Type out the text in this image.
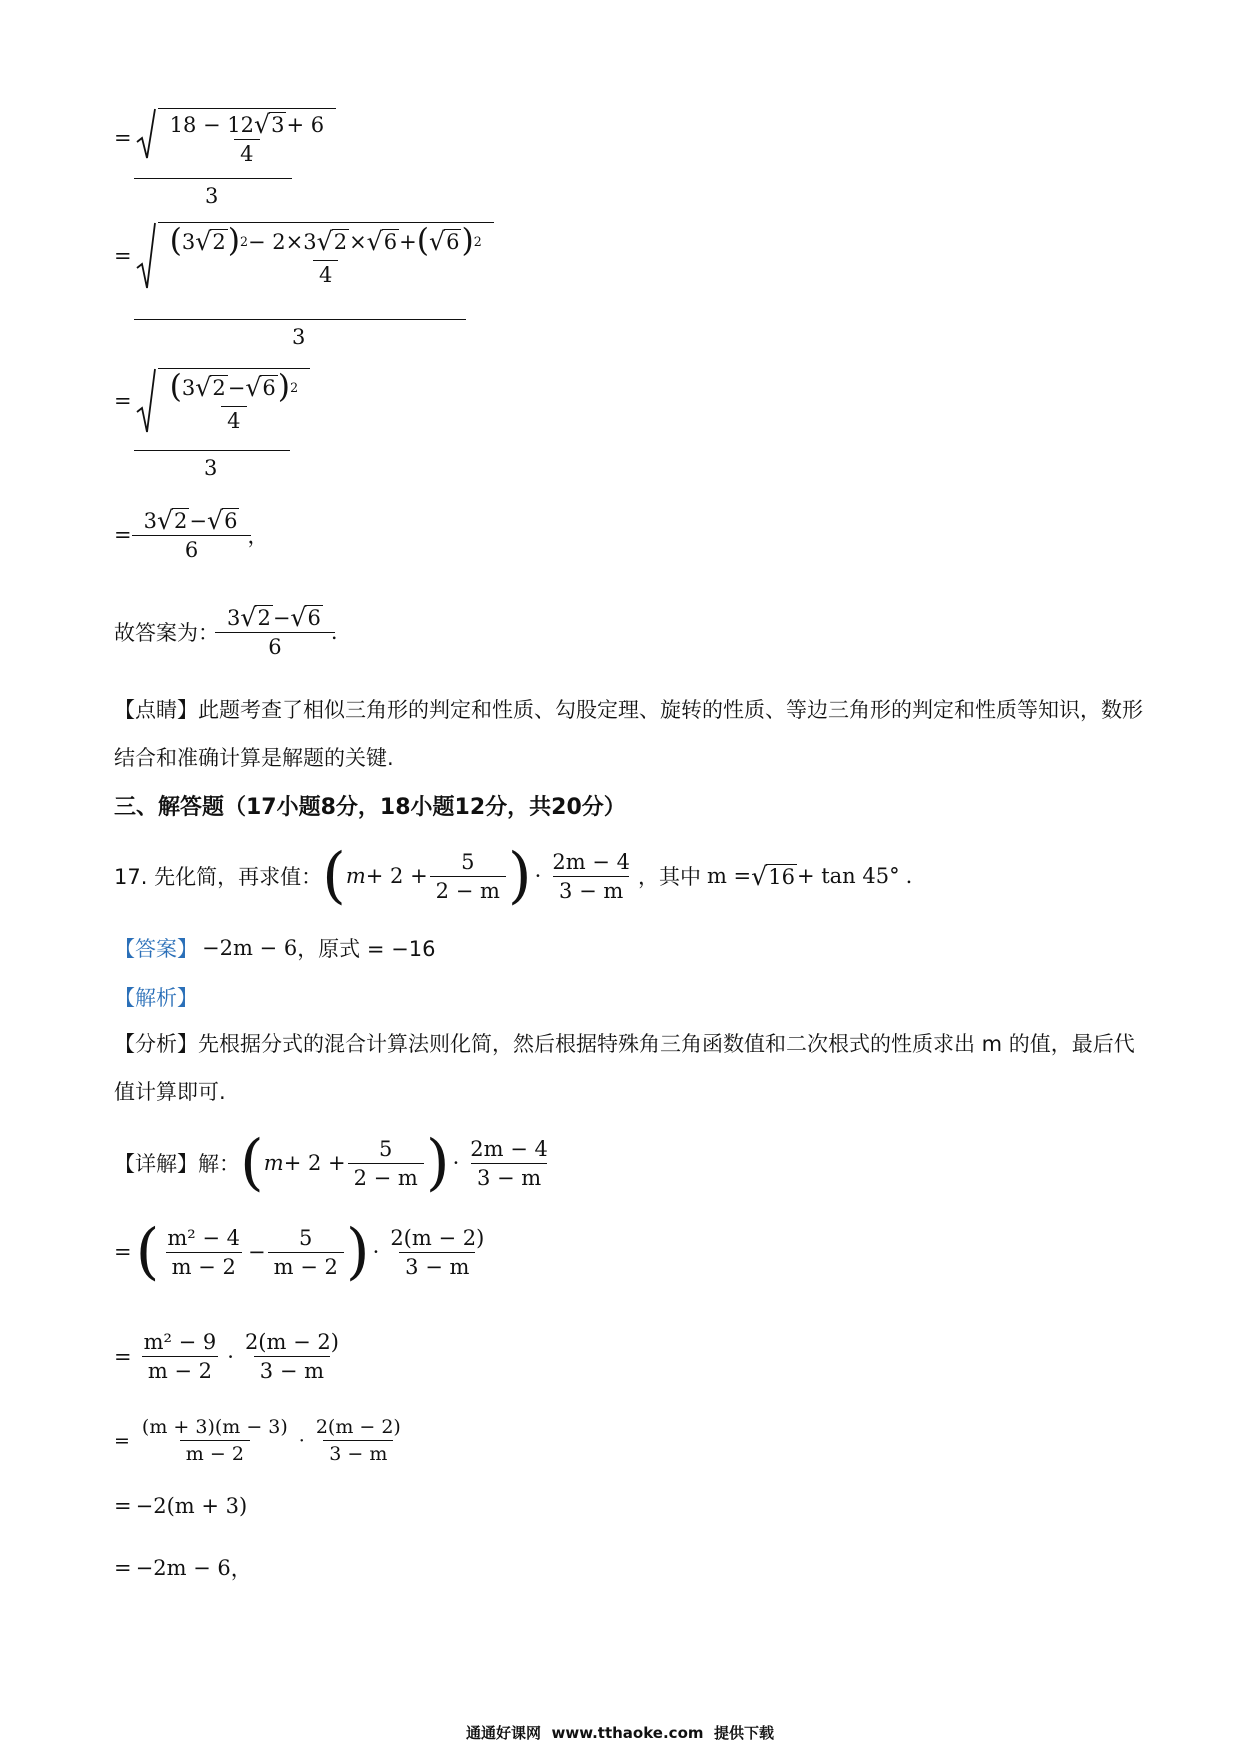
= $\frac{18 - 12 √ 3 + 6}{4}$
3
= ( 3 √ 2 ) 2 − 2×3 √ 2 × √ 6 + ( √ 6 ) 2
4
3
= ( 3 √ 2 − √ 6 ) 2
4
3
= $\frac{3 √ 2 - √ 6}{6}$ ，
故答案为： $\frac{3 √ 2 - √ 6}{6}$ .
【点睛】此题考查了相似三角形的判定和性质、勾股定理、旋转的性质、等边三角形的判定和性质等知识，数形结合和准确计算是解题的关键.
三、解答题（17小题8分，18小题12分，共20分）
17. 先化简，再求值： ( $m + 2 + \frac{5}{2 - m}$ ) · $\frac{2m - 4}{3 - m}$ ，其中 m = √ 16 + tan 45° .
【答案】 −2m − 6 ，原式 = −16
【解析】
【分析】先根据分式的混合计算法则化简，然后根据特殊角三角函数值和二次根式的性质求出 m 的值，最后代值计算即可.
【详解】解： ( $m + 2 + \frac{5}{2 - m}$ ) · $\frac{2m - 4}{3 - m}$
= ( $\frac{\text{m² − 4}}{m - 2} - \frac{5}{m - 2}$ ) · $\frac{2(m - 2)}{3 - m}$
= $\frac{\text{m² − 9}}{m - 2} \cdot \frac{2(m - 2)}{3 - m}$
= $\frac{(m + 3)(m - 3)}{m - 2} \cdot \frac{2(m - 2)}{3 - m}$
= −2(m + 3)
= −2m − 6 ，
通通好课网  www.tthaoke.com  提供下载
